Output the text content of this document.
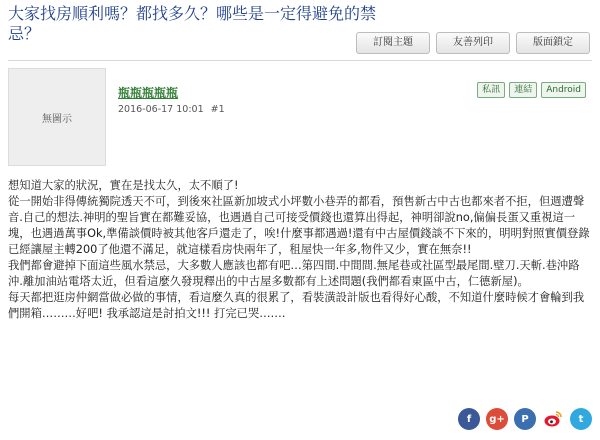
大家找房順利嗎？都找多久？哪些是一定得避免的禁忌？	訂閱主題	友善列印	版面鎖定
無圖示
瓶瓶瓶瓶瓶
2016-06-17 10:01 #1
私訊	連結	Android

想知道大家的狀況，實在是找太久，太不順了!

從一開始非得傳統獨院透天不可，到後來社區新加坡式小坪數小巷弄的都看，預售新古中古也都來者不拒，但週遭聲音.自己的想法.神明的聖旨實在都難妥協，也遇過自己可接受價錢也還算出得起，神明卻說no,偏偏長蛋又重視這一塊，也遇過萬事Ok,準備談價時被其他客戶還走了，唉!什麼事都遇過!還有中古屋價錢談不下來的，明明對照實價登錄已經讓屋主轉200了他還不滿足，就這樣看房快兩年了，租屋快一年多,物件又少，實在無奈!!

我們都會避掉下面這些風水禁忌，大多數人應該也都有吧…第四間.中間間.無尾巷或社區型最尾間.壁刀.天斬.巷沖路沖.離加油站電塔太近，但看這麼久發現釋出的中古屋多數都有上述問題(我們都看東區中古，仁德新屋)。

每天都把逛房仲網當做必做的事情，看這麼久真的很累了，看裝潢設計版也看得好心酸，不知道什麼時候才會輪到我們開箱………好吧! 我承認這是討拍文!!! 打完已哭…….

f	g+	P	t
